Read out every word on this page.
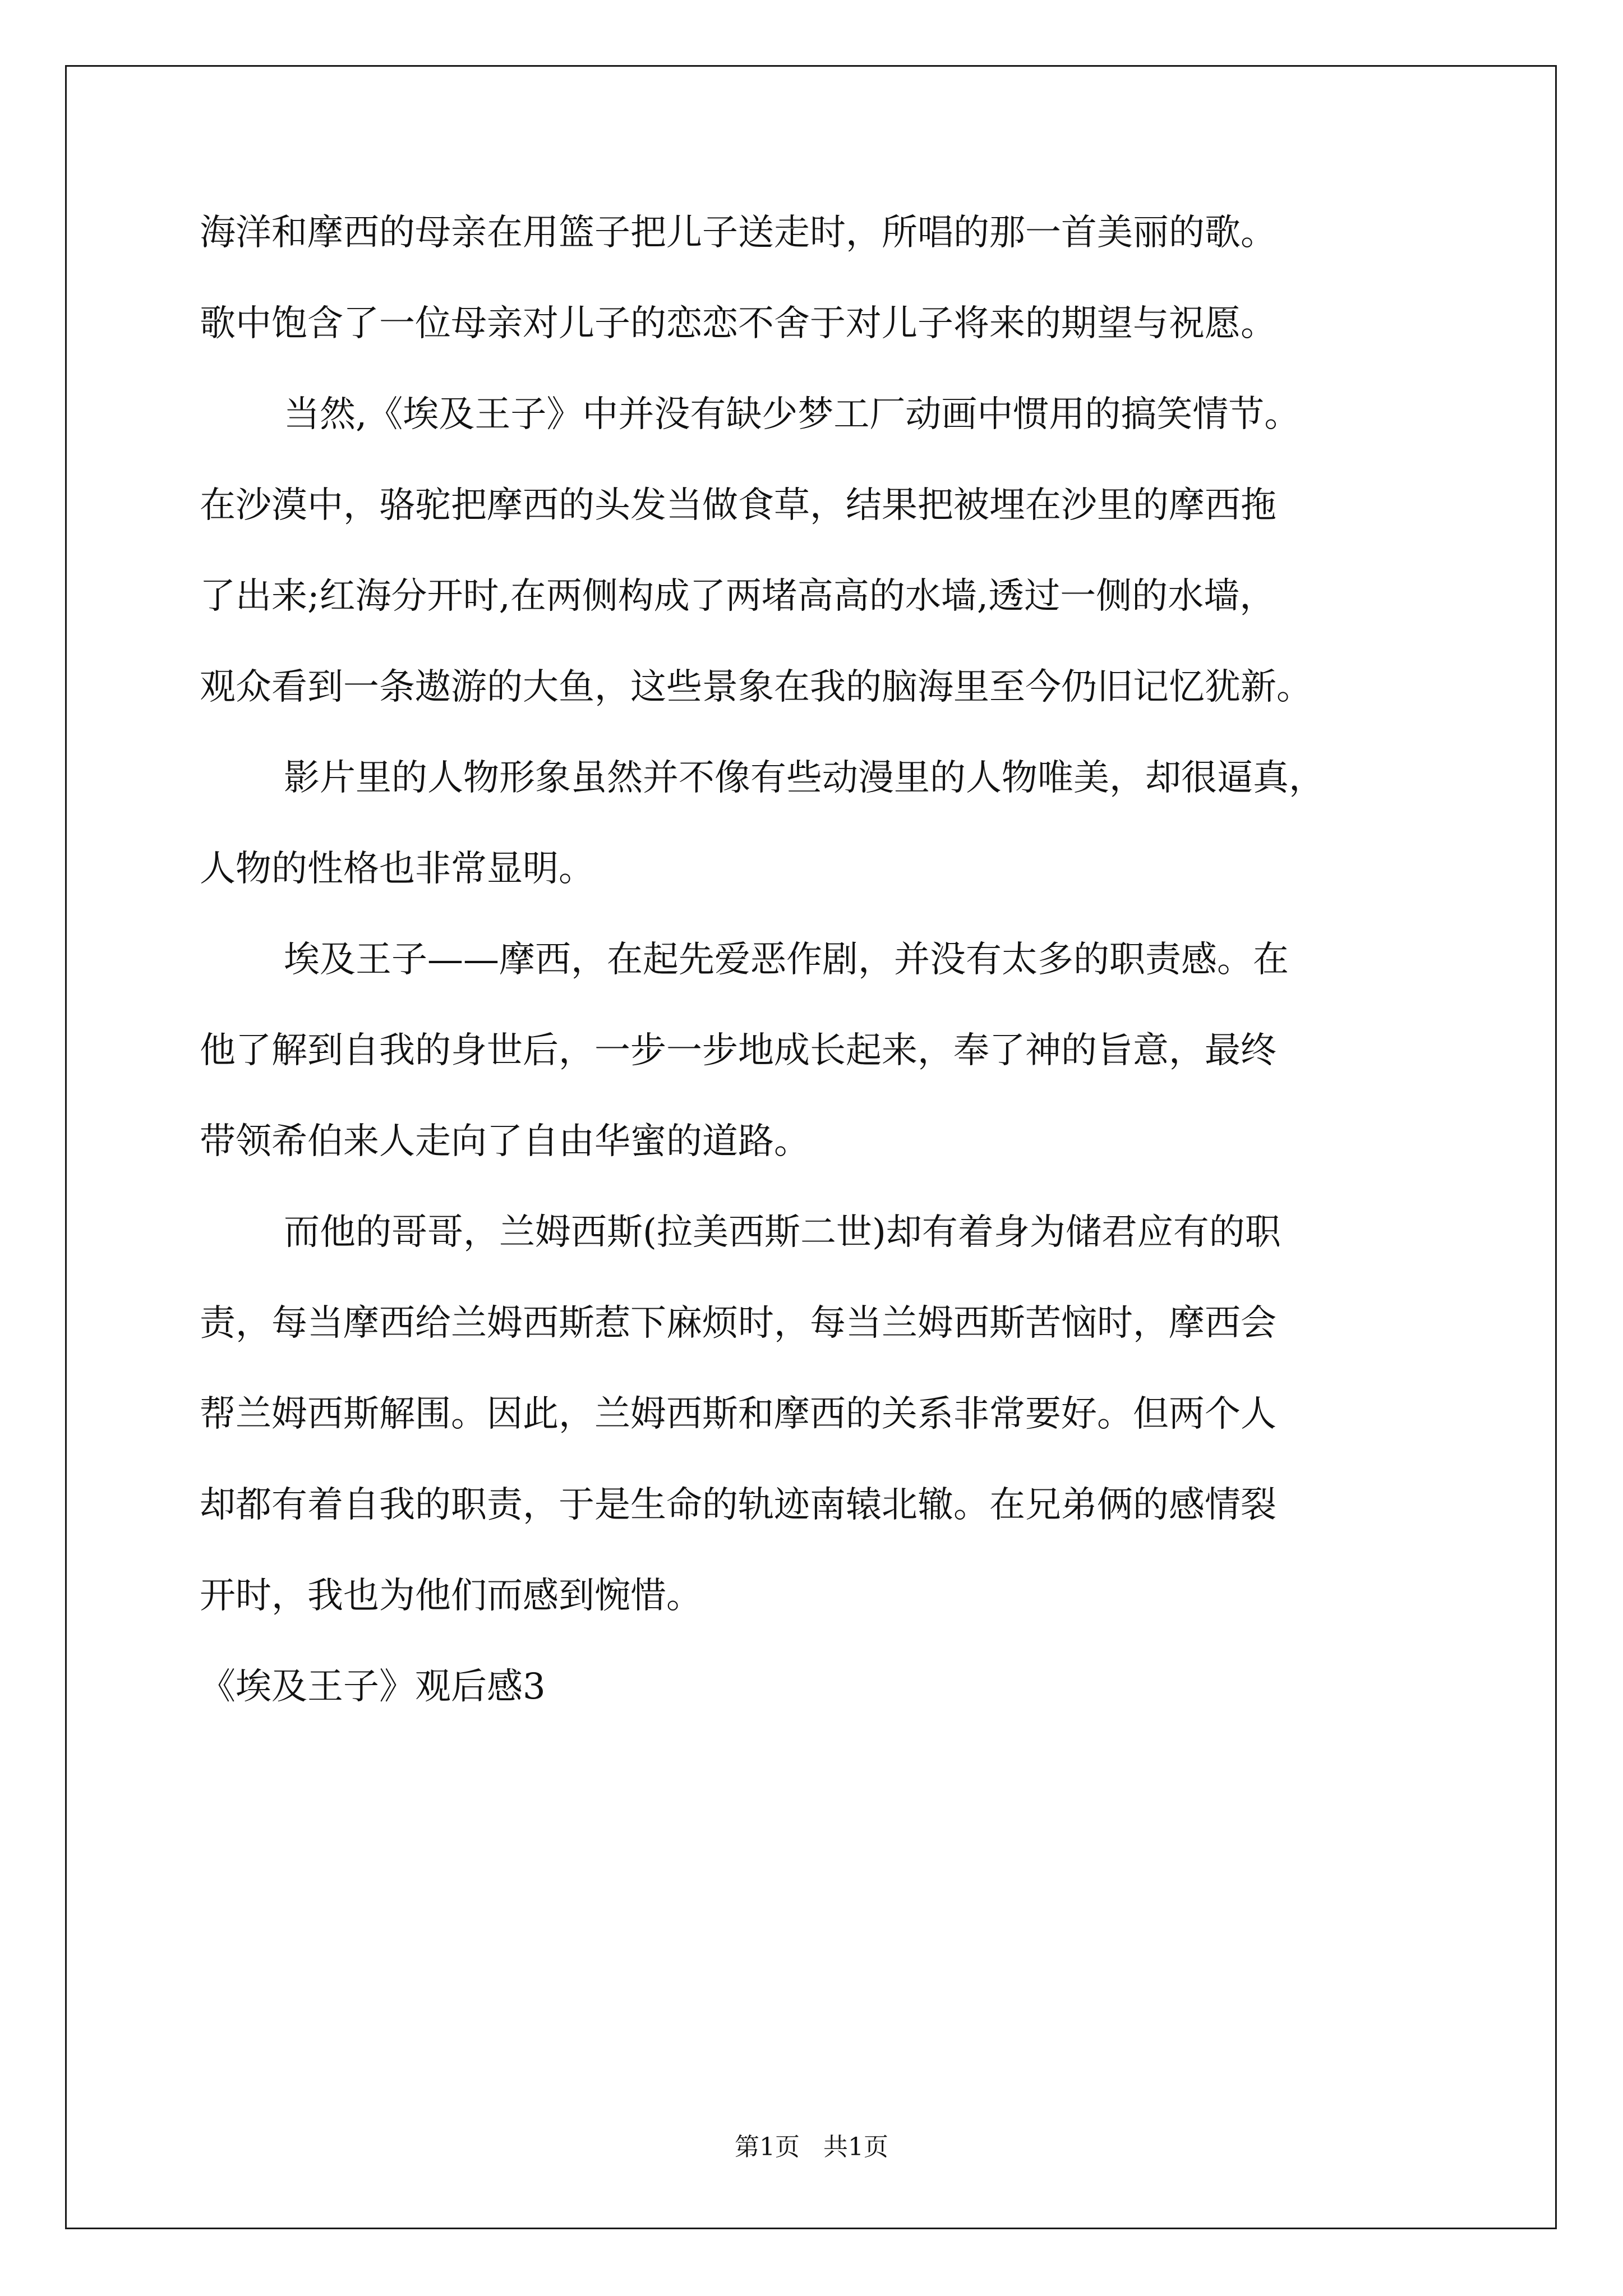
海洋和摩西的母亲在用篮子把儿子送走时，所唱的那一首美丽的歌。
歌中饱含了一位母亲对儿子的恋恋不舍于对儿子将来的期望与祝愿。
当然,《埃及王子》中并没有缺少梦工厂动画中惯用的搞笑情节。
在沙漠中，骆驼把摩西的头发当做食草，结果把被埋在沙里的摩西拖
了出来;红海分开时,在两侧构成了两堵高高的水墙,透过一侧的水墙，
观众看到一条遨游的大鱼，这些景象在我的脑海里至今仍旧记忆犹新。
影片里的人物形象虽然并不像有些动漫里的人物唯美，却很逼真，
人物的性格也非常显明。
埃及王子——摩西，在起先爱恶作剧，并没有太多的职责感。在
他了解到自我的身世后，一步一步地成长起来，奉了神的旨意，最终
带领希伯来人走向了自由华蜜的道路。
而他的哥哥，兰姆西斯(拉美西斯二世)却有着身为储君应有的职
责，每当摩西给兰姆西斯惹下麻烦时，每当兰姆西斯苦恼时，摩西会
帮兰姆西斯解围。因此，兰姆西斯和摩西的关系非常要好。但两个人
却都有着自我的职责，于是生命的轨迹南辕北辙。在兄弟俩的感情裂
开时，我也为他们而感到惋惜。
《埃及王子》观后感3
第1页 共1页
